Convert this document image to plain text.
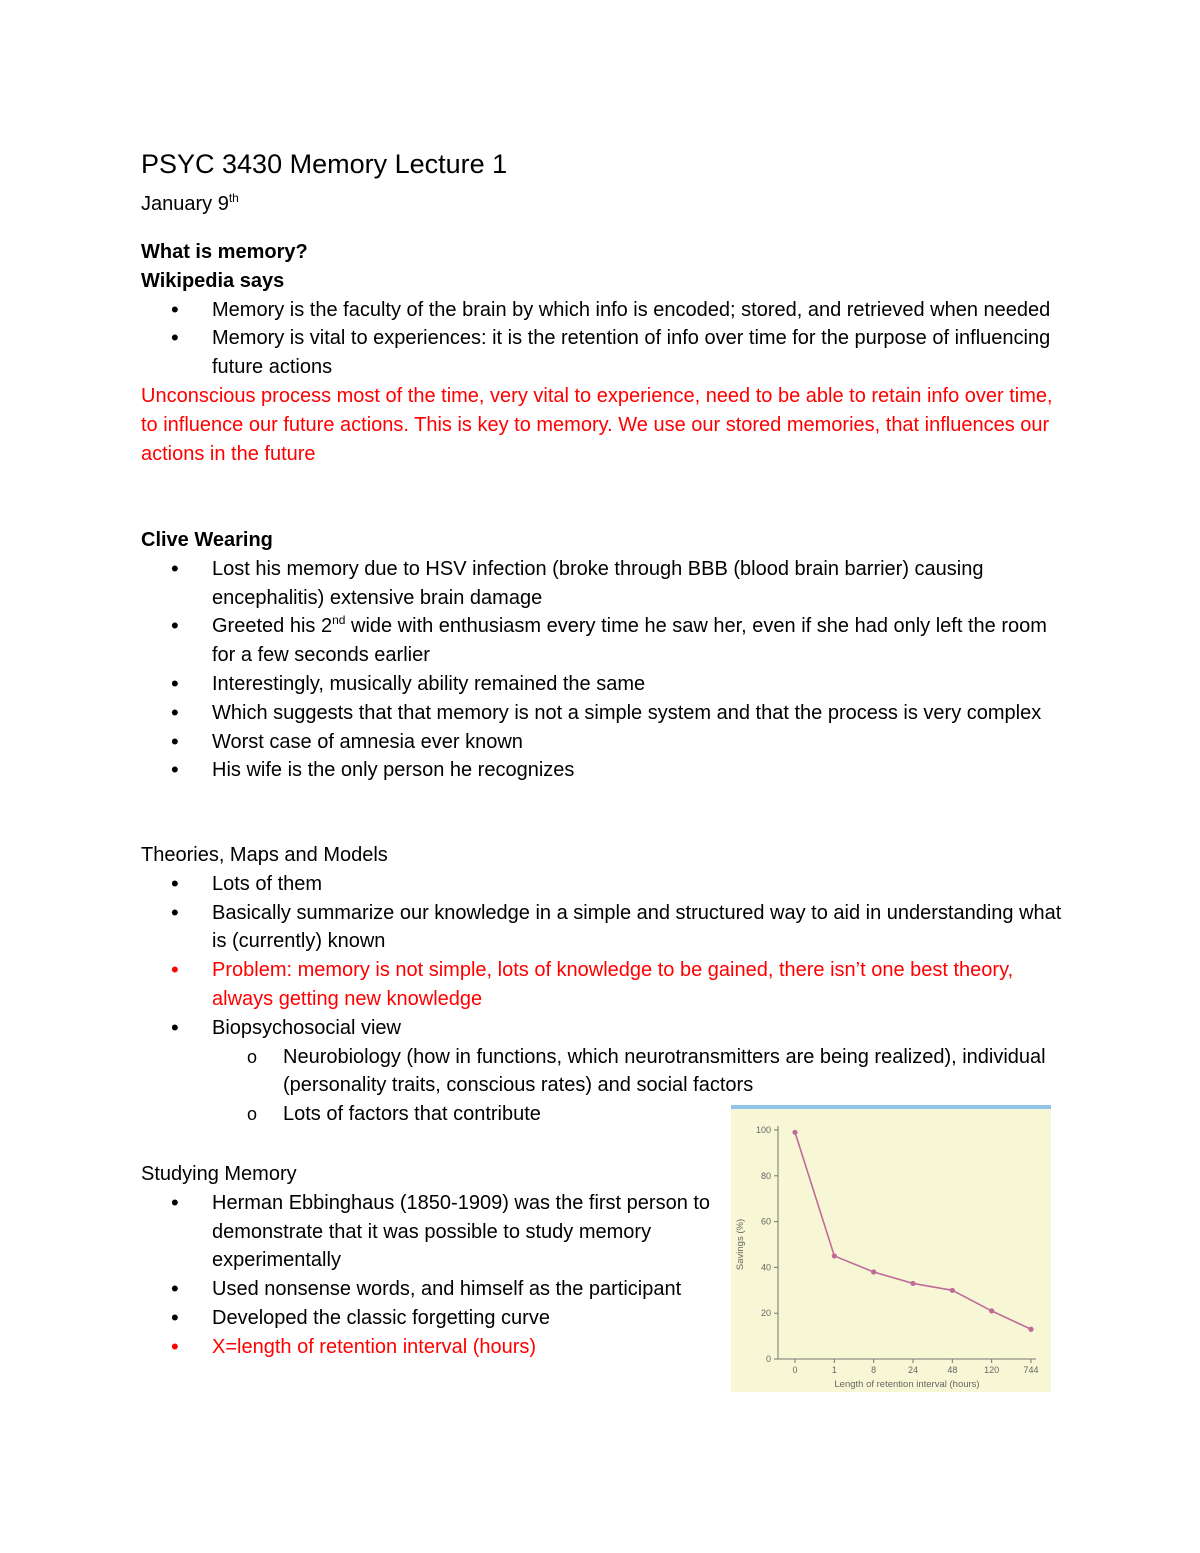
PSYC 3430 Memory Lecture 1
January 9th
What is memory?
Wikipedia says
• Memory is the faculty of the brain by which info is encoded; stored, and retrieved when needed
• Memory is vital to experiences: it is the retention of info over time for the purpose of influencing future actions
Unconscious process most of the time, very vital to experience, need to be able to retain info over time, to influence our future actions. This is key to memory. We use our stored memories, that influences our actions in the future
Clive Wearing
• Lost his memory due to HSV infection (broke through BBB (blood brain barrier) causing encephalitis) extensive brain damage
• Greeted his 2nd wide with enthusiasm every time he saw her, even if she had only left the room for a few seconds earlier
• Interestingly, musically ability remained the same
• Which suggests that that memory is not a simple system and that the process is very complex
• Worst case of amnesia ever known
• His wife is the only person he recognizes
Theories, Maps and Models
• Lots of them
• Basically summarize our knowledge in a simple and structured way to aid in understanding what is (currently) known
• Problem: memory is not simple, lots of knowledge to be gained, there isn’t one best theory, always getting new knowledge
• Biopsychosocial view
o Neurobiology (how in functions, which neurotransmitters are being realized), individual (personality traits, conscious rates) and social factors
o Lots of factors that contribute
Studying Memory
• Herman Ebbinghaus (1850-1909) was the first person to demonstrate that it was possible to study memory experimentally
• Used nonsense words, and himself as the participant
• Developed the classic forgetting curve
• X=length of retention interval (hours)
0
20
40
60
80
100
0	1	8	24	48	120	744
Length of retention interval (hours)
Savings (%)
